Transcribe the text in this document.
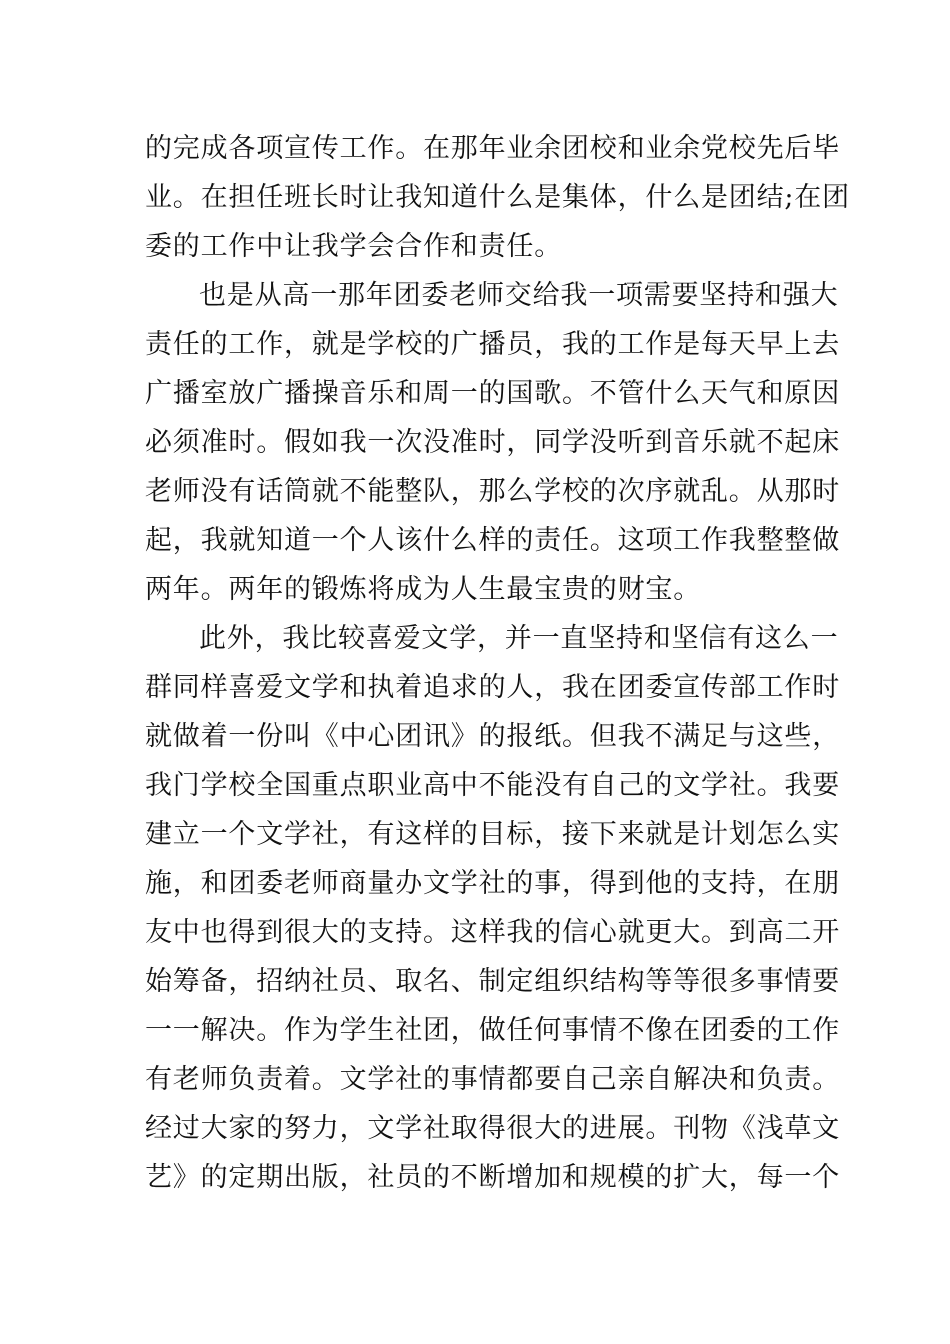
的完成各项宣传工作。在那年业余团校和业余党校先后毕
业。在担任班长时让我知道什么是集体，什么是团结;在团
委的工作中让我学会合作和责任。
也是从高一那年团委老师交给我一项需要坚持和强大
责任的工作，就是学校的广播员，我的工作是每天早上去
广播室放广播操音乐和周一的国歌。不管什么天气和原因
必须准时。假如我一次没准时，同学没听到音乐就不起床
老师没有话筒就不能整队，那么学校的次序就乱。从那时
起，我就知道一个人该什么样的责任。这项工作我整整做
两年。两年的锻炼将成为人生最宝贵的财宝。
此外，我比较喜爱文学，并一直坚持和坚信有这么一
群同样喜爱文学和执着追求的人，我在团委宣传部工作时
就做着一份叫《中心团讯》的报纸。但我不满足与这些，
我门学校全国重点职业高中不能没有自己的文学社。我要
建立一个文学社，有这样的目标，接下来就是计划怎么实
施，和团委老师商量办文学社的事，得到他的支持，在朋
友中也得到很大的支持。这样我的信心就更大。到高二开
始筹备，招纳社员、取名、制定组织结构等等很多事情要
一一解决。作为学生社团，做任何事情不像在团委的工作
有老师负责着。文学社的事情都要自己亲自解决和负责。
经过大家的努力，文学社取得很大的进展。刊物《浅草文
艺》的定期出版，社员的不断增加和规模的扩大，每一个
